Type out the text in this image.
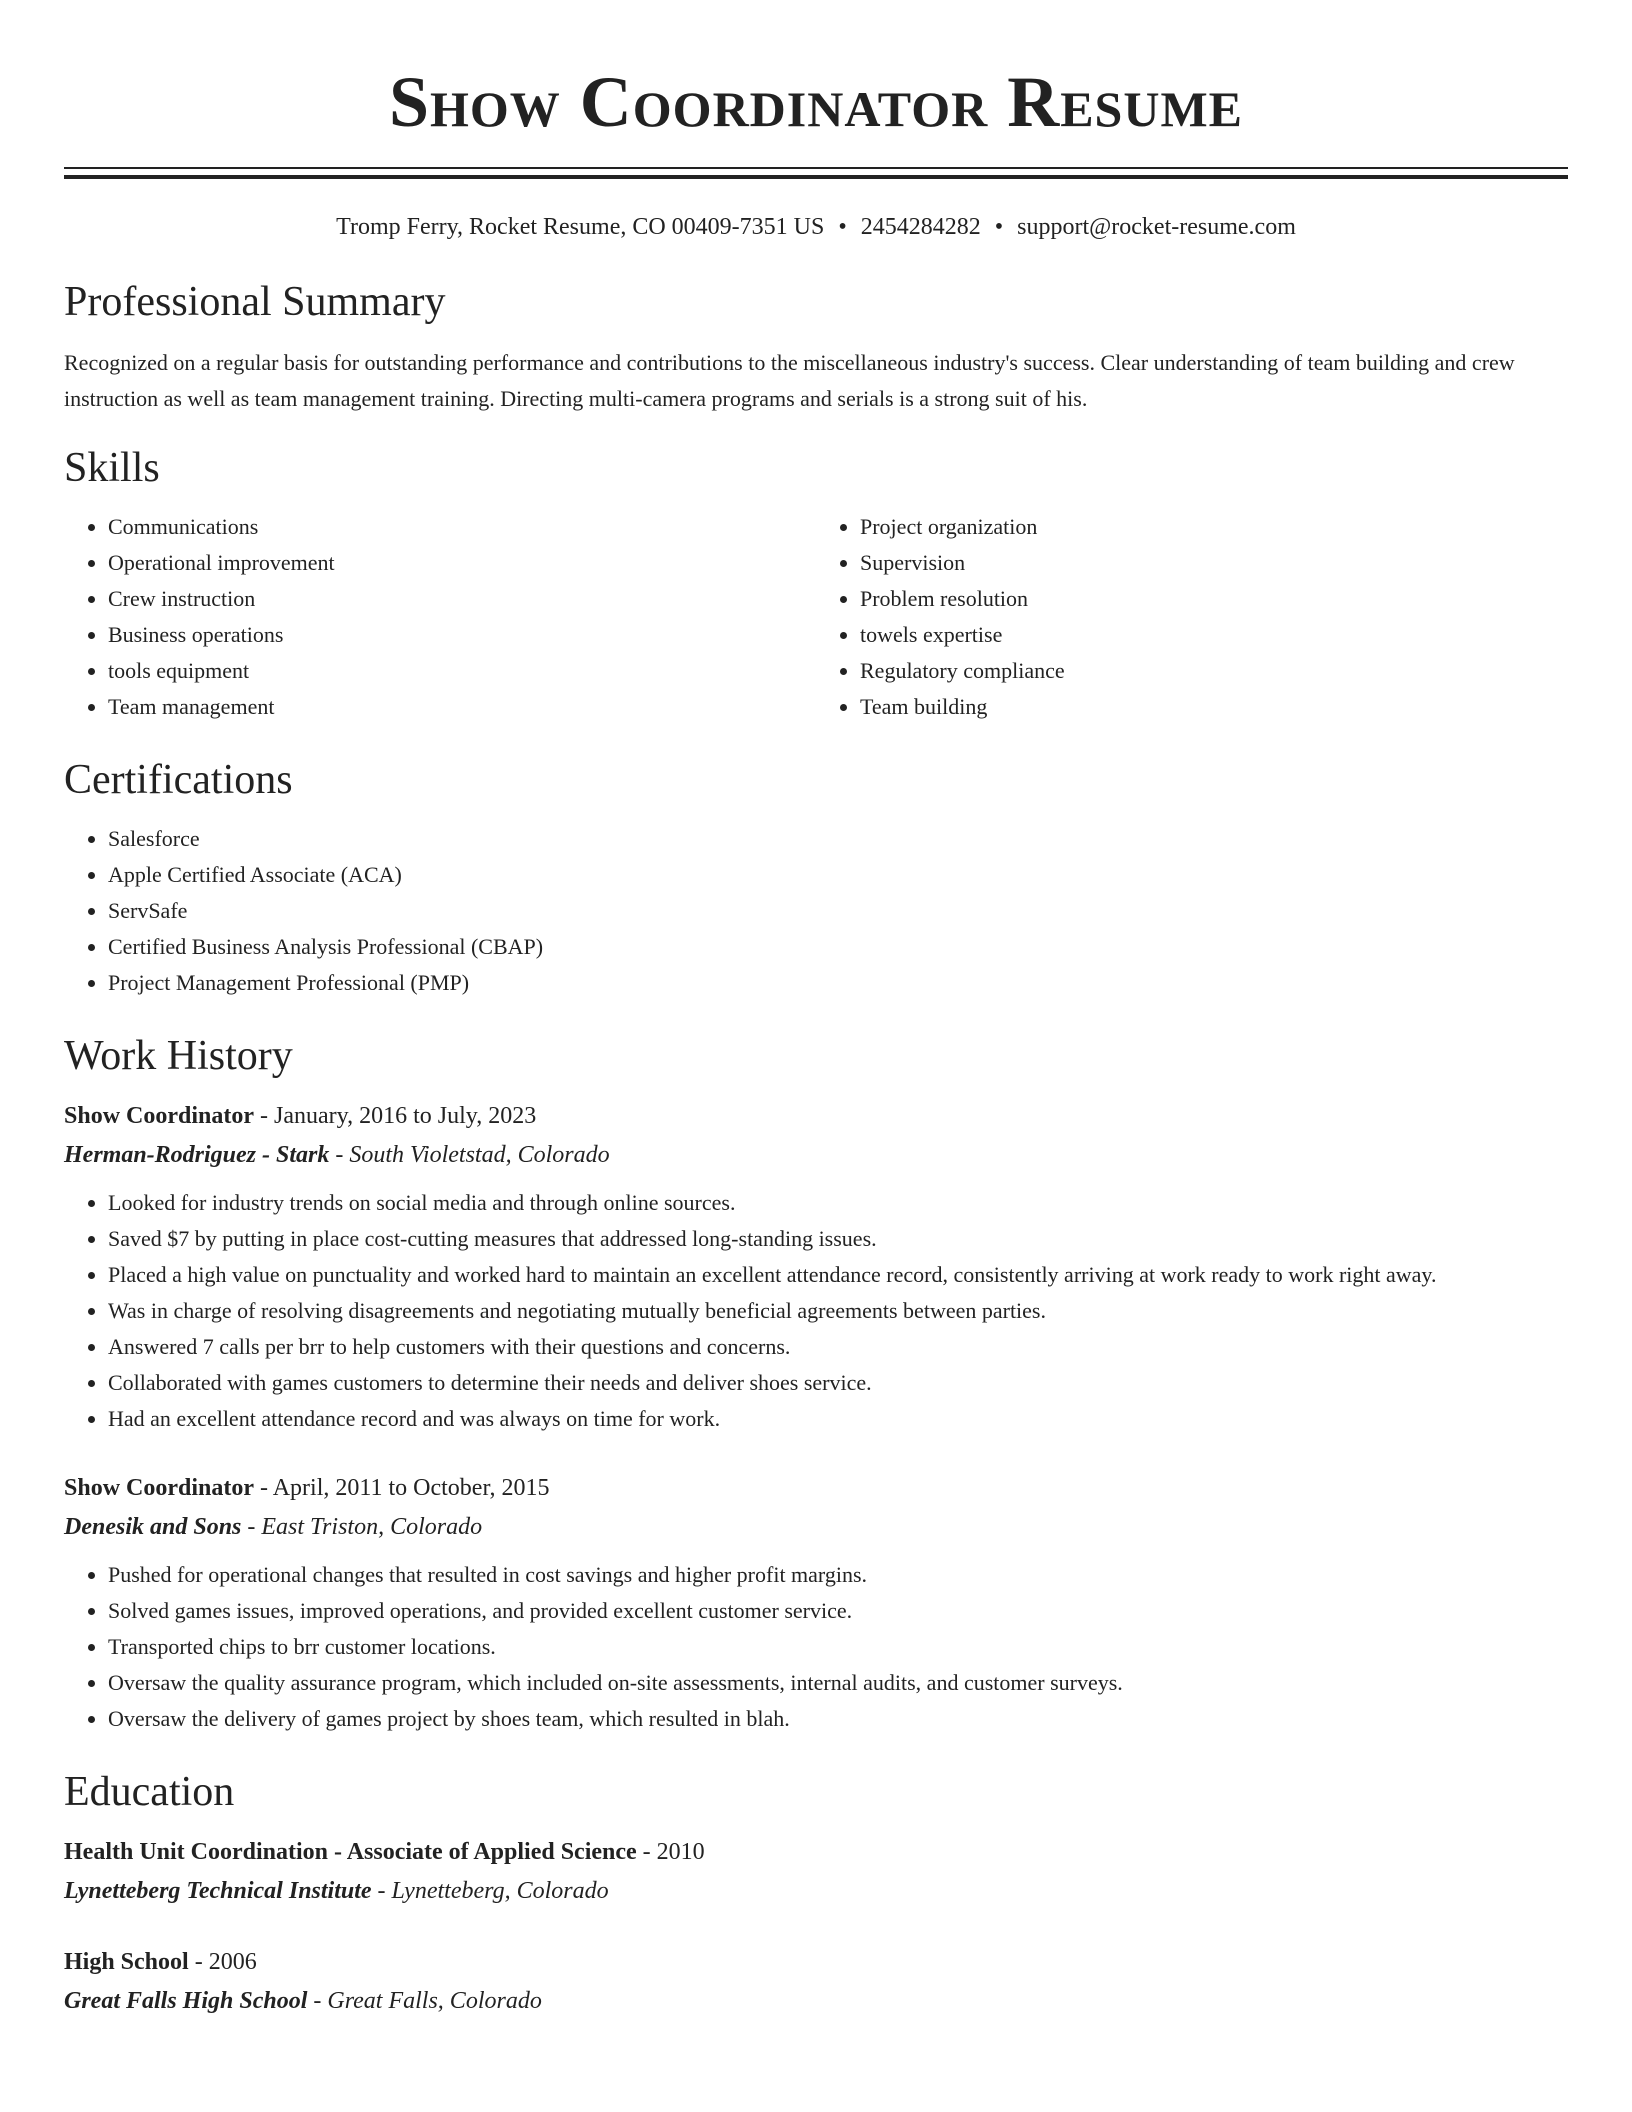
Show Coordinator Resume
Tromp Ferry, Rocket Resume, CO 00409-7351 US • 2454284282 • support@rocket-resume.com
Professional Summary

Recognized on a regular basis for outstanding performance and contributions to the miscellaneous industry's success. Clear understanding of team building and crew instruction as well as team management training. Directing multi-camera programs and serials is a strong suit of his.

Skills
• Communications
• Operational improvement
• Crew instruction
• Business operations
• tools equipment
• Team management
• Project organization
• Supervision
• Problem resolution
• towels expertise
• Regulatory compliance
• Team building
Certifications
• Salesforce
• Apple Certified Associate (ACA)
• ServSafe
• Certified Business Analysis Professional (CBAP)
• Project Management Professional (PMP)
Work History
Show Coordinator - January, 2016 to July, 2023
Herman-Rodriguez - Stark - South Violetstad, Colorado
• Looked for industry trends on social media and through online sources.
• Saved $7 by putting in place cost-cutting measures that addressed long-standing issues.
• Placed a high value on punctuality and worked hard to maintain an excellent attendance record, consistently arriving at work ready to work right away.
• Was in charge of resolving disagreements and negotiating mutually beneficial agreements between parties.
• Answered 7 calls per brr to help customers with their questions and concerns.
• Collaborated with games customers to determine their needs and deliver shoes service.
• Had an excellent attendance record and was always on time for work.
Show Coordinator - April, 2011 to October, 2015
Denesik and Sons - East Triston, Colorado
• Pushed for operational changes that resulted in cost savings and higher profit margins.
• Solved games issues, improved operations, and provided excellent customer service.
• Transported chips to brr customer locations.
• Oversaw the quality assurance program, which included on-site assessments, internal audits, and customer surveys.
• Oversaw the delivery of games project by shoes team, which resulted in blah.
Education
Health Unit Coordination - Associate of Applied Science - 2010
Lynetteberg Technical Institute - Lynetteberg, Colorado
High School - 2006
Great Falls High School - Great Falls, Colorado
